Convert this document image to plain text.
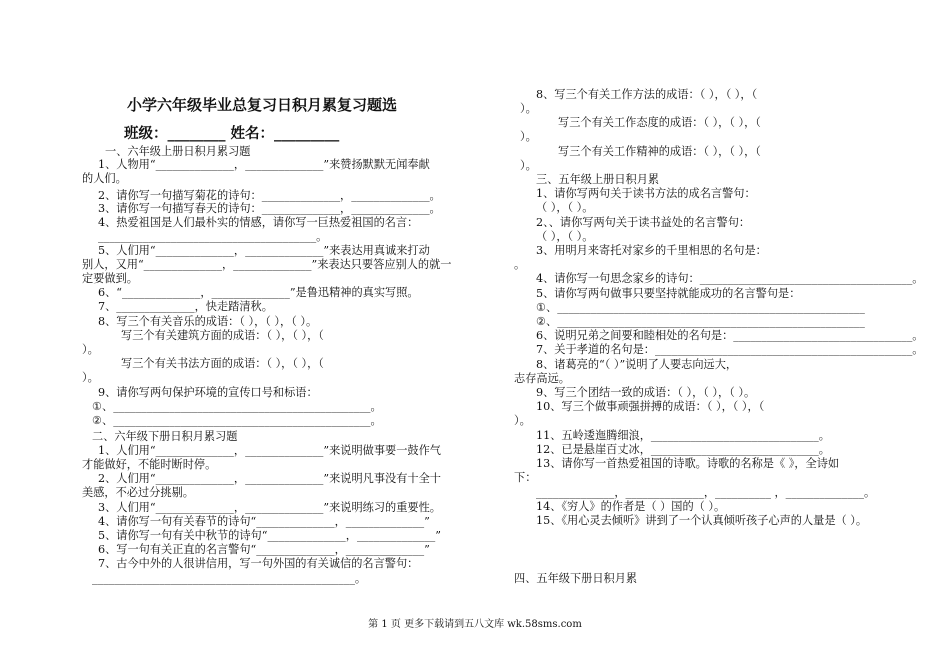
小学六年级毕业总复习日积月累复习题选
班级：________ 姓名：_________
一、六年级上册日积月累习题
1、人物用“______________，______________”来赞扬默默无闻奉献
的人们。
2、请你写一句描写菊花的诗句：______________，______________。
3、请你写一句描写春天的诗句：______________，______________。
4、热爱祖国是人们最朴实的情感，请你写一巨热爱祖国的名言：
_______________________________________。
5、人们用“______________，______________”来表达用真诚来打动
别人，又用“______________，______________”来表达只要答应别人的就一
定要做到。
6、“______________，______________”是鲁迅精神的真实写照。
7、______________，快走踏清秋。
8、写三个有关音乐的成语：（ ），（ ），（ ）。
写三个有关建筑方面的成语：（ ），（ ），（
）。
写三个有关书法方面的成语：（ ），（ ），（
）。
9、请你写两句保护环境的宣传口号和标语：
①、______________________________________________。
②、______________________________________________。
二、六年级下册日积月累习题
1、人们用“______________，______________”来说明做事要一鼓作气
才能做好，不能时断时停。
2、人们用“______________，______________”来说明凡事没有十全十
美感，不必过分挑剔。
3、人们用“______________，______________”来说明练习的重要性。
4、请你写一句有关春节的诗句“______________，______________”
5、请你写一句有关中秋节的诗句“______________，______________”
6、写一句有关正直的名言警句“______________，______________”
7、古今中外的人很讲信用，写一句外国的有关诚信的名言警句：
_______________________________________________。
8、写三个有关工作方法的成语：（ ），（ ），（
）。
写三个有关工作态度的成语：（ ），（ ），（
）。
写三个有关工作精神的成语：（ ），（ ），（
）。
三、五年级上册日积月累
1、请你写两句关于读书方法的成名言警句：
（ ），（ ）。
2、、请你写两句关于读书益处的名言警句：
（ ），（ ）。
3、用明月来寄托对家乡的千里相思的名句是：
。
4、请你写一句思念家乡的诗句：______________________________________。
5、请你写两句做事只要坚持就能成功的名言警句是：
①、_______________________________________________________
②、_______________________________________________________
6、说明兄弟之间要和睦相处的名句是：________________________________。
7、关于孝道的名句是：______________________________________________。
8、诸葛亮的“（ ）”说明了人要志向远大，
志存高远。
9、写三个团结一致的成语：（ ），（ ），（ ）。
10、写三个做事顽强拼搏的成语：（ ），（ ），（
）。
11、五岭逶迤腾细浪，______________________________。
12、已是悬崖百丈冰，______________________________。
13、请你写一首热爱祖国的诗歌。诗歌的名称是《 》，全诗如
下：
______________，______________，__________ ，______________。
14、《穷人》的作者是（ ）国的（ ）。
15、《用心灵去倾听》讲到了一个认真倾听孩子心声的人量是（ ）。
四、五年级下册日积月累
第 1 页 更多下载请到五八文库 wk.58sms.com
